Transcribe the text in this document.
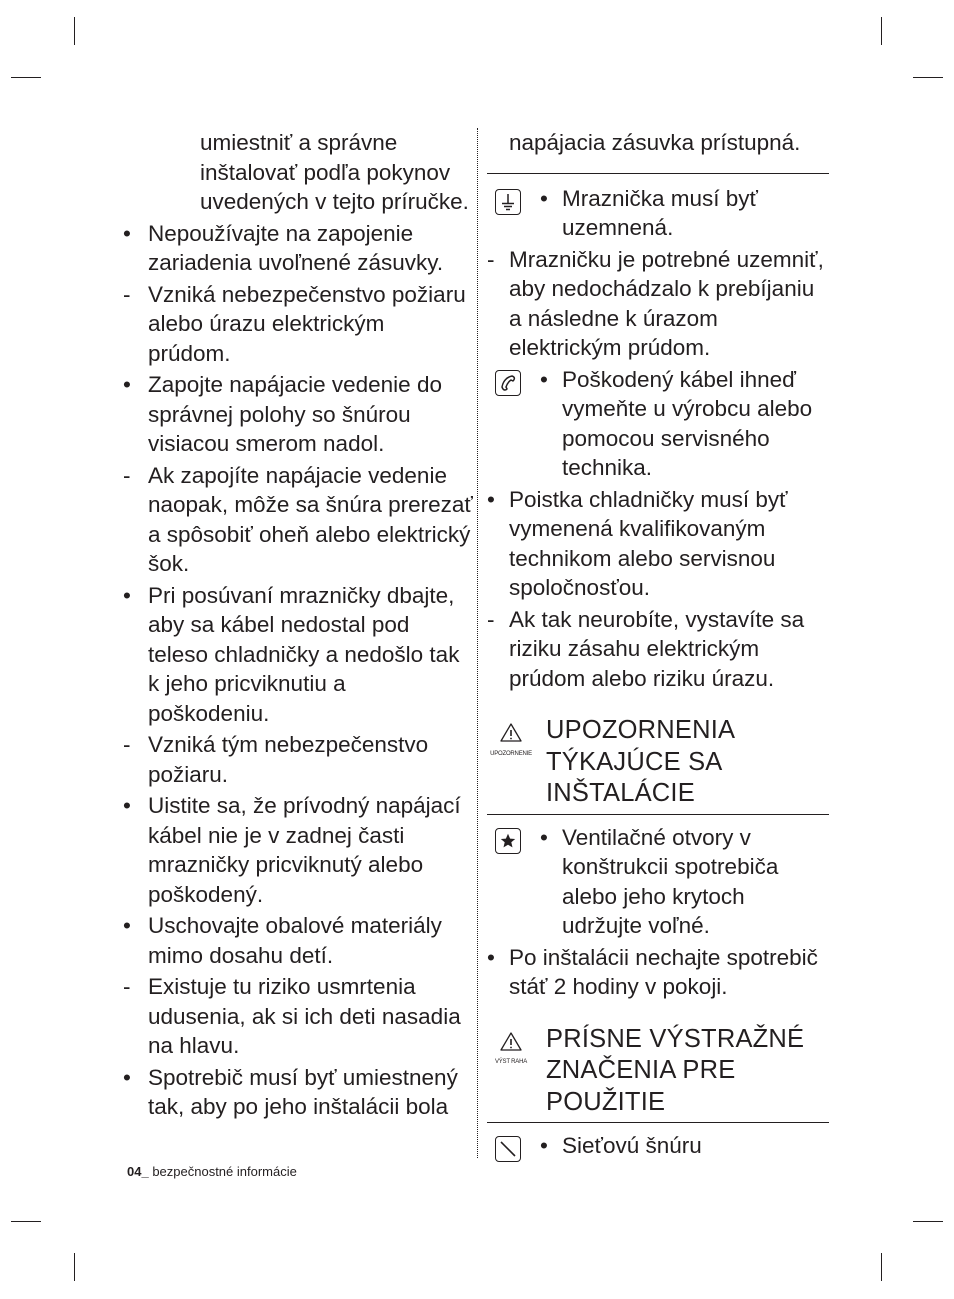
umiestniť a správne inštalovať podľa pokynov uvedených v tejto príručke.
• Nepoužívajte na zapojenie zariadenia uvoľnené zásuvky.
- Vzniká nebezpečenstvo požiaru alebo úrazu elektrickým prúdom.
• Zapojte napájacie vedenie do správnej polohy so šnúrou visiacou smerom nadol.
- Ak zapojíte napájacie vedenie naopak, môže sa šnúra prerezať a spôsobiť oheň alebo elektrický šok.
• Pri posúvaní mrazničky dbajte, aby sa kábel nedostal pod teleso chladničky a nedošlo tak k jeho pricviknutiu a poškodeniu.
- Vzniká tým nebezpečenstvo požiaru.
• Uistite sa, že prívodný napájací kábel nie je v zadnej časti mrazničky pricviknutý alebo poškodený.
• Uschovajte obalové materiály mimo dosahu detí.
- Existuje tu riziko usmrtenia udusenia, ak si ich deti nasadia na hlavu.
• Spotrebič musí byť umiestnený tak, aby po jeho inštalácii bola
napájacia zásuvka prístupná.
• Mraznička musí byť uzemnená.
- Mrazničku je potrebné uzemniť, aby nedochádzalo k prebíjaniu a následne k úrazom elektrickým prúdom.
• Poškodený kábel ihneď vymeňte u výrobcu alebo pomocou servisného technika.
• Poistka chladničky musí byť vymenená kvalifikovaným technikom alebo servisnou spoločnosťou.
- Ak tak neurobíte, vystavíte sa riziku zásahu elektrickým prúdom alebo riziku úrazu.
UPOZORNENIE
UPOZORNENIA TÝKAJÚCE SA INŠTALÁCIE
• Ventilačné otvory v konštrukcii spotrebiča alebo jeho krytoch udržujte voľné.
• Po inštalácii nechajte spotrebič stáť 2 hodiny v pokoji.
VÝST RAHA
PRÍSNE VÝSTRAŽNÉ ZNAČENIA PRE POUŽITIE
• Sieťovú šnúru
04_ bezpečnostné informácie
